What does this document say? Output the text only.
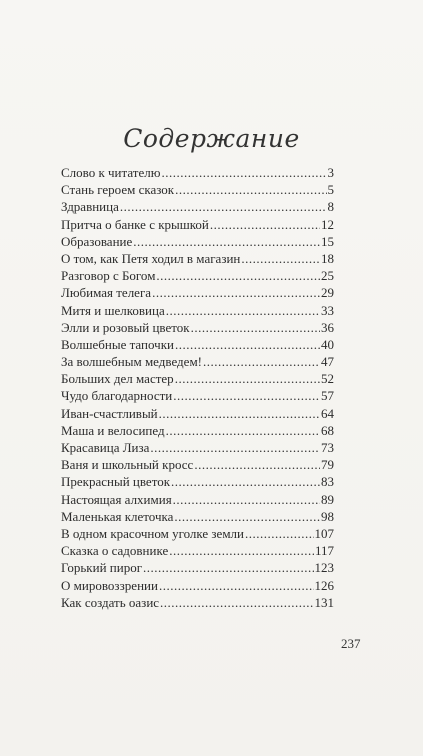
Содержание
Слово к читателю .....	3
Стань героем сказок .....	5
Здравница .....	8
Притча о банке с крышкой .....	12
Образование .....	15
О том, как Петя ходил в магазин .....	18
Разговор с Богом .....	25
Любимая телега .....	29
Митя и шелковица .....	33
Элли и розовый цветок .....	36
Волшебные тапочки .....	40
За волшебным медведем! .....	47
Больших дел мастер .....	52
Чудо благодарности .....	57
Иван-счастливый .....	64
Маша и велосипед .....	68
Красавица Лиза .....	73
Ваня и школьный кросс .....	79
Прекрасный цветок .....	83
Настоящая алхимия .....	89
Маленькая клеточка .....	98
В одном красочном уголке земли .....	107
Сказка о садовнике .....	117
Горький пирог .....	123
О мировоззрении .....	126
Как создать оазис .....	131
237
